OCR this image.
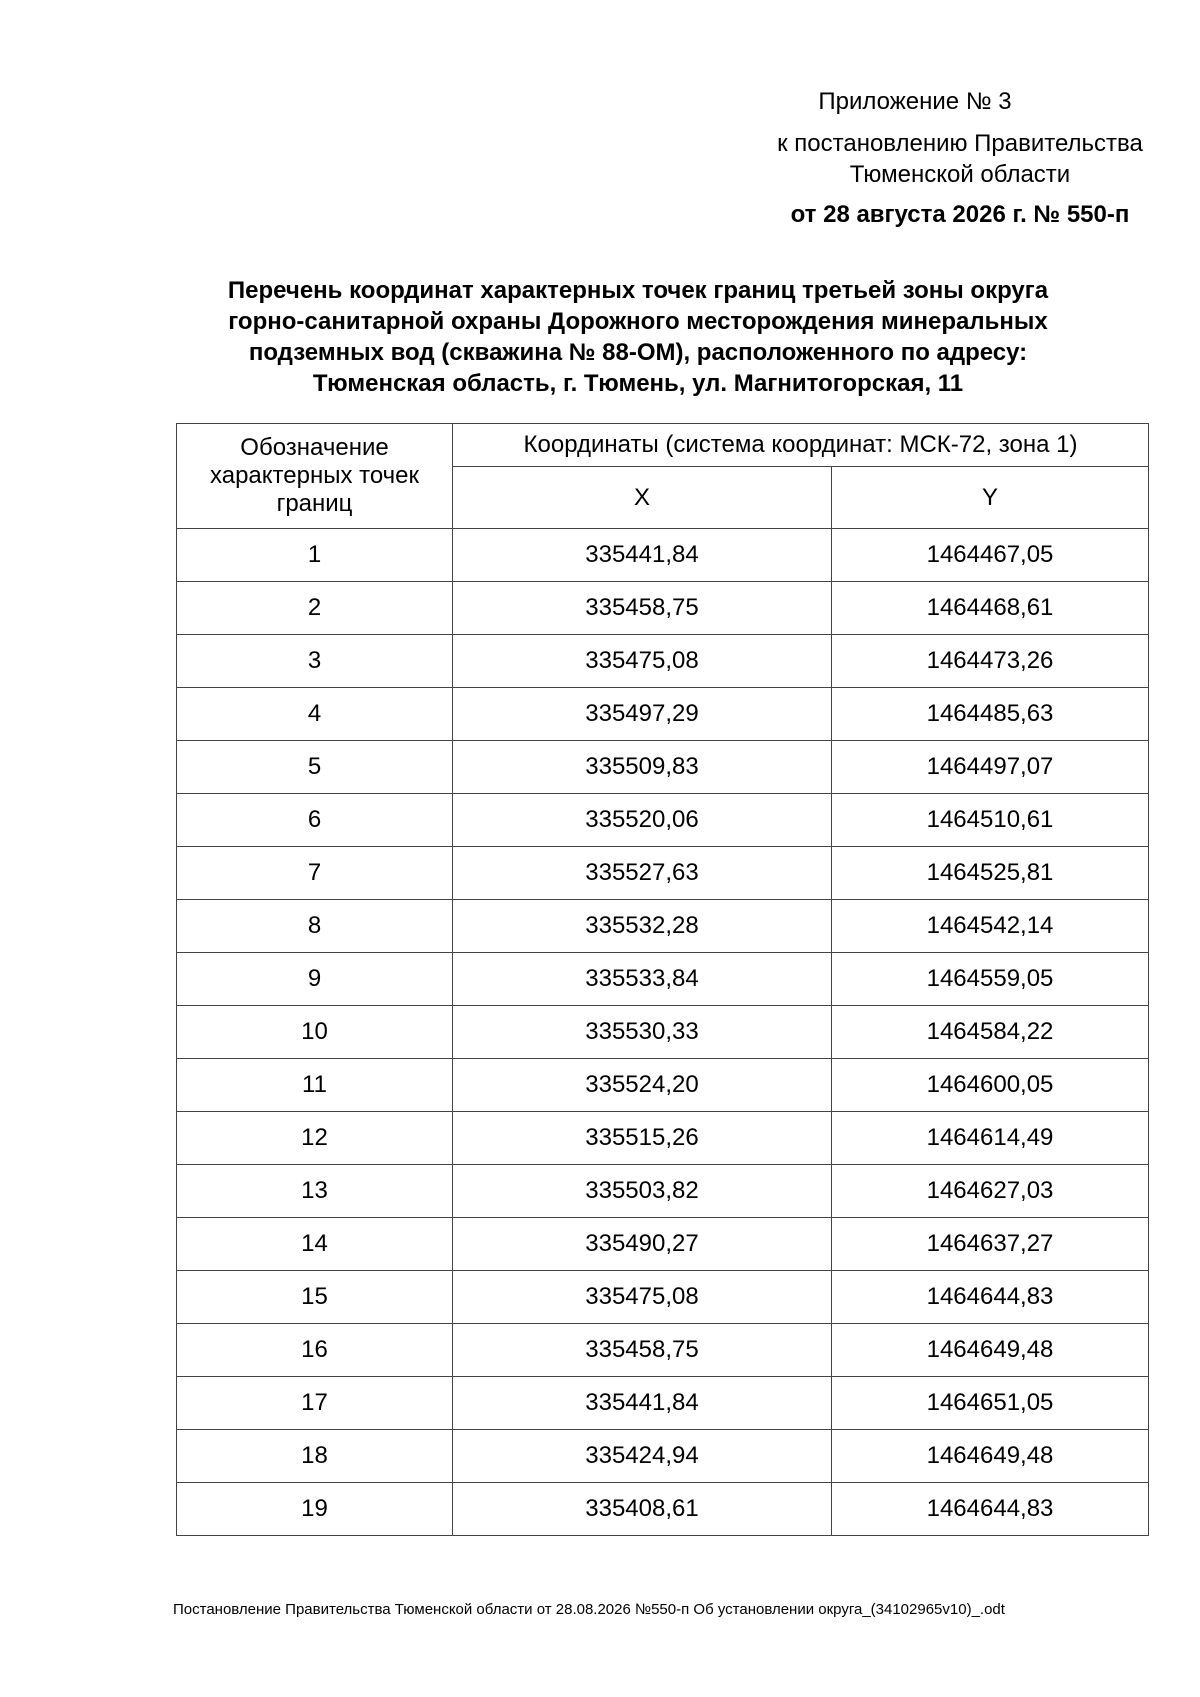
Приложение № 3
к постановлению Правительства
Тюменской области
от 28 августа 2026 г. № 550-п
Перечень координат характерных точек границ третьей зоны округа
горно-санитарной охраны Дорожного месторождения минеральных
подземных вод (скважина № 88-ОМ), расположенного по адресу:
Тюменская область, г. Тюмень, ул. Магнитогорская, 11
Обозначение характерных точек границ	Координаты (система координат: МСК-72, зона 1)	
	X	Y
1	335441,84	1464467,05
2	335458,75	1464468,61
3	335475,08	1464473,26
4	335497,29	1464485,63
5	335509,83	1464497,07
6	335520,06	1464510,61
7	335527,63	1464525,81
8	335532,28	1464542,14
9	335533,84	1464559,05
10	335530,33	1464584,22
11	335524,20	1464600,05
12	335515,26	1464614,49
13	335503,82	1464627,03
14	335490,27	1464637,27
15	335475,08	1464644,83
16	335458,75	1464649,48
17	335441,84	1464651,05
18	335424,94	1464649,48
19	335408,61	1464644,83
Постановление Правительства Тюменской области от 28.08.2026 №550-п Об установлении округа_(34102965v10)_.odt
